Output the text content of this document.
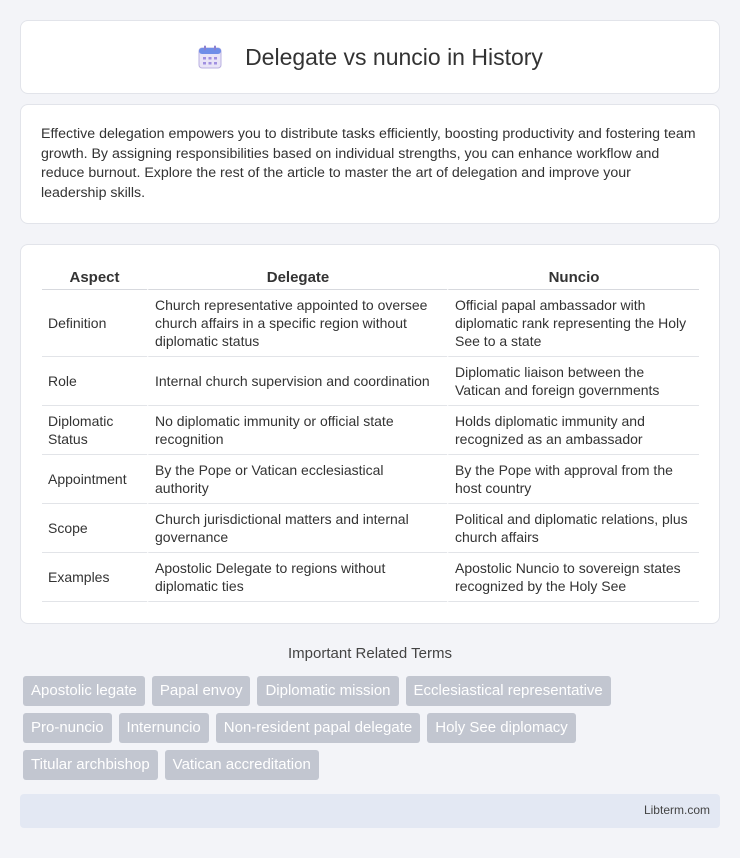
Delegate vs nuncio in History

Effective delegation empowers you to distribute tasks efficiently, boosting productivity and fostering team growth. By assigning responsibilities based on individual strengths, you can enhance workflow and reduce burnout. Explore the rest of the article to master the art of delegation and improve your leadership skills.

Aspect	Delegate	Nuncio
Definition	Church representative appointed to oversee church affairs in a specific region without diplomatic status	Official papal ambassador with diplomatic rank representing the Holy See to a state
Role	Internal church supervision and coordination	Diplomatic liaison between the Vatican and foreign governments
Diplomatic Status	No diplomatic immunity or official state recognition	Holds diplomatic immunity and recognized as an ambassador
Appointment	By the Pope or Vatican ecclesiastical authority	By the Pope with approval from the host country
Scope	Church jurisdictional matters and internal governance	Political and diplomatic relations, plus church affairs
Examples	Apostolic Delegate to regions without diplomatic ties	Apostolic Nuncio to sovereign states recognized by the Holy See
Important Related Terms
Apostolic legate	Papal envoy	Diplomatic mission	Ecclesiastical representative
Pro-nuncio	Internuncio	Non-resident papal delegate	Holy See diplomacy
Titular archbishop	Vatican accreditation
Libterm.com
